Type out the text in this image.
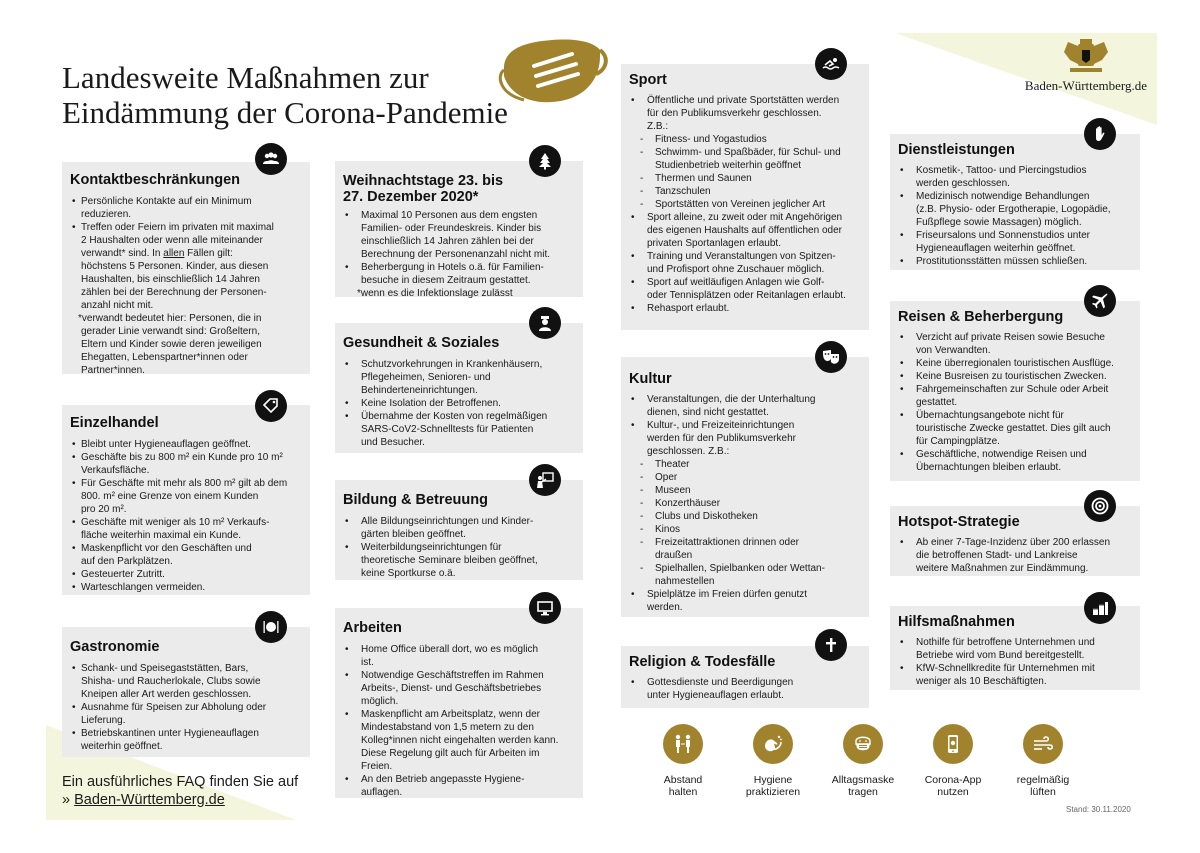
Landesweite Maßnahmen zur
Eindämmung der Corona-Pandemie
Baden-Württemberg.de
Kontaktbeschränkungen
• Persönliche Kontakte auf ein Minimum
reduzieren.
• Treffen oder Feiern im privaten mit maximal
2 Haushalten oder wenn alle miteinander
verwandt* sind. In allen Fällen gilt:
höchstens 5 Personen. Kinder, aus diesen
Haushalten, bis einschließlich 14 Jahren
zählen bei der Berechnung der Personen-
anzahl nicht mit.
*verwandt bedeutet hier: Personen, die in
gerader Linie verwandt sind: Großeltern,
Eltern und Kinder sowie deren jeweiligen
Ehegatten, Lebenspartner*innen oder
Partner*innen.
Einzelhandel
• Bleibt unter Hygieneauflagen geöffnet.
• Geschäfte bis zu 800 m² ein Kunde pro 10 m²
Verkaufsfläche.
• Für Geschäfte mit mehr als 800 m² gilt ab dem
800. m² eine Grenze von einem Kunden
pro 20 m².
• Geschäfte mit weniger als 10 m² Verkaufs-
fläche weiterhin maximal ein Kunde.
• Maskenpflicht vor den Geschäften und
auf den Parkplätzen.
• Gesteuerter Zutritt.
• Warteschlangen vermeiden.
Gastronomie
• Schank- und Speisegaststätten, Bars,
Shisha- und Raucherlokale, Clubs sowie
Kneipen aller Art werden geschlossen.
• Ausnahme für Speisen zur Abholung oder
Lieferung.
• Betriebskantinen unter Hygieneauflagen
weiterhin geöffnet.
Ein ausführliches FAQ finden Sie auf
» Baden-Württemberg.de
Weihnachtstage 23. bis
27. Dezember 2020*
• Maximal 10 Personen aus dem engsten
Familien- oder Freundeskreis. Kinder bis
einschließlich 14 Jahren zählen bei der
Berechnung der Personenanzahl nicht mit.
• Beherbergung in Hotels o.ä. für Familien-
besuche in diesem Zeitraum gestattet.
*wenn es die Infektionslage zulässt
Gesundheit & Soziales
• Schutzvorkehrungen in Krankenhäusern,
Pflegeheimen, Senioren- und
Behinderteneinrichtungen.
• Keine Isolation der Betroffenen.
• Übernahme der Kosten von regelmäßigen
SARS-CoV2-Schnelltests für Patienten
und Besucher.
Bildung & Betreuung
• Alle Bildungseinrichtungen und Kinder-
gärten bleiben geöffnet.
• Weiterbildungseinrichtungen für
theoretische Seminare bleiben geöffnet,
keine Sportkurse o.ä.
Arbeiten
• Home Office überall dort, wo es möglich
ist.
• Notwendige Geschäftstreffen im Rahmen
Arbeits-, Dienst- und Geschäftsbetriebes
möglich.
• Maskenpflicht am Arbeitsplatz, wenn der
Mindestabstand von 1,5 metern zu den
Kolleg*innen nicht eingehalten werden kann.
Diese Regelung gilt auch für Arbeiten im
Freien.
• An den Betrieb angepasste Hygiene-
auflagen.
Sport
• Öffentliche und private Sportstätten werden
für den Publikumsverkehr geschlossen.
Z.B.:
- Fitness- und Yogastudios
- Schwimm- und Spaßbäder, für Schul- und
Studienbetrieb weiterhin geöffnet
- Thermen und Saunen
- Tanzschulen
- Sportstätten von Vereinen jeglicher Art
• Sport alleine, zu zweit oder mit Angehörigen
des eigenen Haushalts auf öffentlichen oder
privaten Sportanlagen erlaubt.
• Training und Veranstaltungen von Spitzen-
und Profisport ohne Zuschauer möglich.
• Sport auf weitläufigen Anlagen wie Golf-
oder Tennisplätzen oder Reitanlagen erlaubt.
• Rehasport erlaubt.
Kultur
• Veranstaltungen, die der Unterhaltung
dienen, sind nicht gestattet.
• Kultur-, und Freizeiteinrichtungen
werden für den Publikumsverkehr
geschlossen. Z.B.:
- Theater
- Oper
- Museen
- Konzerthäuser
- Clubs und Diskotheken
- Kinos
- Freizeitattraktionen drinnen oder
draußen
- Spielhallen, Spielbanken oder Wettan-
nahmestellen
• Spielplätze im Freien dürfen genutzt
werden.
Religion & Todesfälle
• Gottesdienste und Beerdigungen
unter Hygieneauflagen erlaubt.
Dienstleistungen
• Kosmetik-, Tattoo- und Piercingstudios
werden geschlossen.
• Medizinisch notwendige Behandlungen
(z.B. Physio- oder Ergotherapie, Logopädie,
Fußpflege sowie Massagen) möglich.
• Friseursalons und Sonnenstudios unter
Hygieneauflagen weiterhin geöffnet.
• Prostitutionsstätten müssen schließen.
Reisen & Beherbergung
• Verzicht auf private Reisen sowie Besuche
von Verwandten.
• Keine überregionalen touristischen Ausflüge.
• Keine Busreisen zu touristischen Zwecken.
• Fahrgemeinschaften zur Schule oder Arbeit
gestattet.
• Übernachtungsangebote nicht für
touristische Zwecke gestattet. Dies gilt auch
für Campingplätze.
• Geschäftliche, notwendige Reisen und
Übernachtungen bleiben erlaubt.
Hotspot-Strategie
• Ab einer 7-Tage-Inzidenz über 200 erlassen
die betroffenen Stadt- und Lankreise
weitere Maßnahmen zur Eindämmung.
Hilfsmaßnahmen
• Nothilfe für betroffene Unternehmen und
Betriebe wird vom Bund bereitgestellt.
• KfW-Schnellkredite für Unternehmen mit
weniger als 10 Beschäftigten.
Abstand
halten
Hygiene
praktizieren
Alltagsmaske
tragen
Corona-App
nutzen
regelmäßig
lüften
Stand: 30.11.2020
